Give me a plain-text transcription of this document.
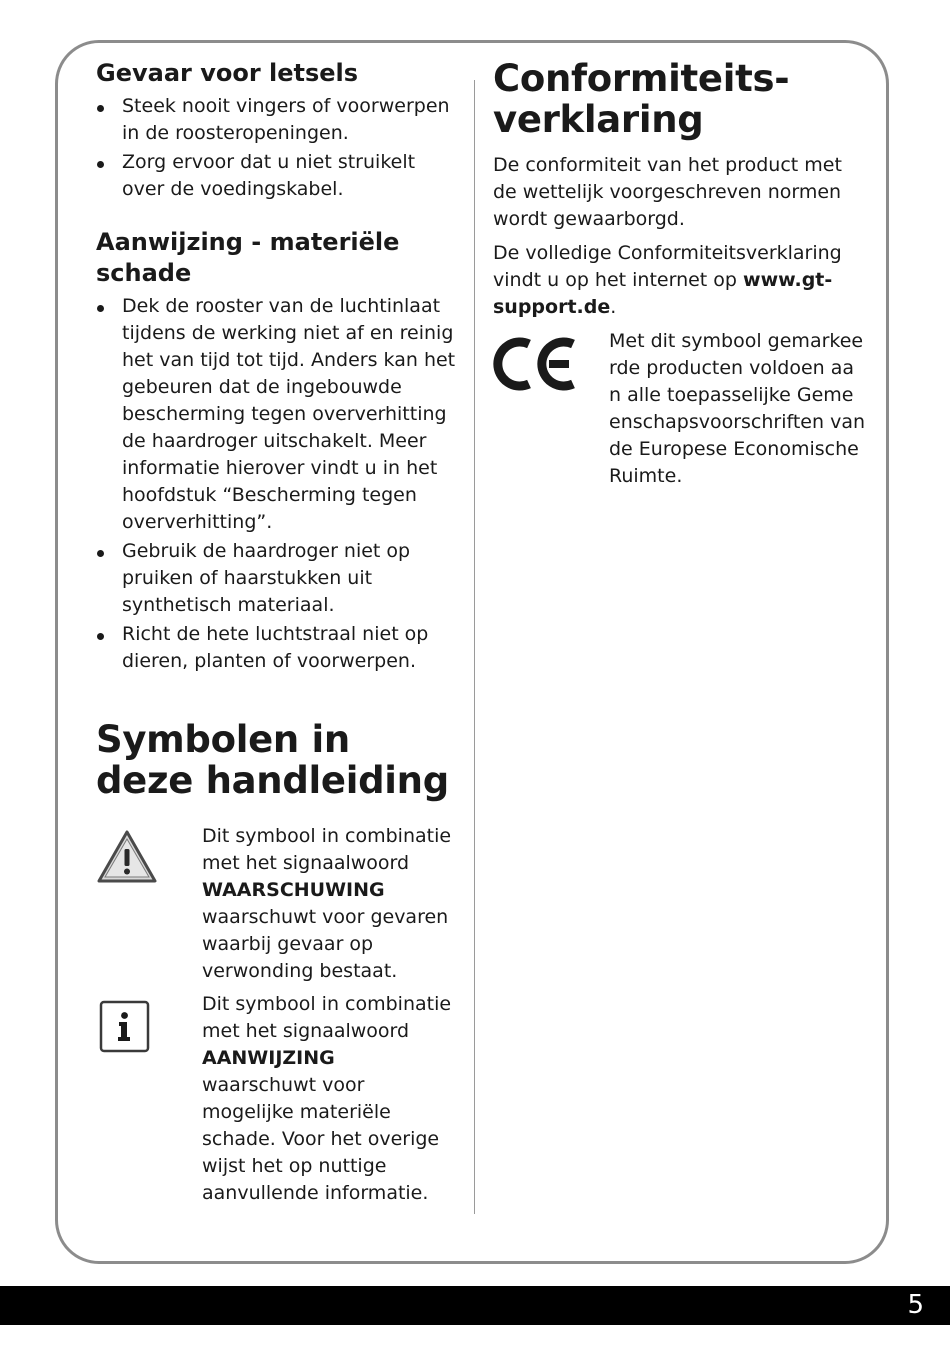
Gevaar voor letsels
Steek nooit vingers of voorwerpen in de roosteropeningen.
Zorg ervoor dat u niet struikelt over de voedingskabel.
Aanwijzing - materiële schade
Dek de rooster van de luchtinlaat tijdens de werking niet af en reinig het van tijd tot tijd. Anders kan het gebeuren dat de ingebouwde bescherming tegen oververhitting de haardroger uitschakelt. Meer informatie hierover vindt u in het hoofdstuk “Bescherming tegen oververhitting”.
Gebruik de haardroger niet op pruiken of haarstukken uit synthetisch materiaal.
Richt de hete luchtstraal niet op dieren, planten of voorwerpen.
Symbolen in deze handleiding
Dit symbool in combinatie met het signaalwoord
WAARSCHUWING
waarschuwt voor gevaren waarbij gevaar op verwonding bestaat.
Dit symbool in combinatie met het signaalwoord
AANWIJZING
waarschuwt voor mogelijke materiële schade. Voor het overige wijst het op nuttige aanvullende informatie.
Conformiteits-
verklaring

De conformiteit van het product met de wettelijk voorgeschreven normen wordt gewaarborgd.

De volledige Conformiteitsverklaring vindt u op het internet op www.gt-support.de.

Met dit symbool gemarkeerde producten voldoen aan alle toepasselijke Gemeenschapsvoorschriften van de Europese Economische Ruimte.
5
